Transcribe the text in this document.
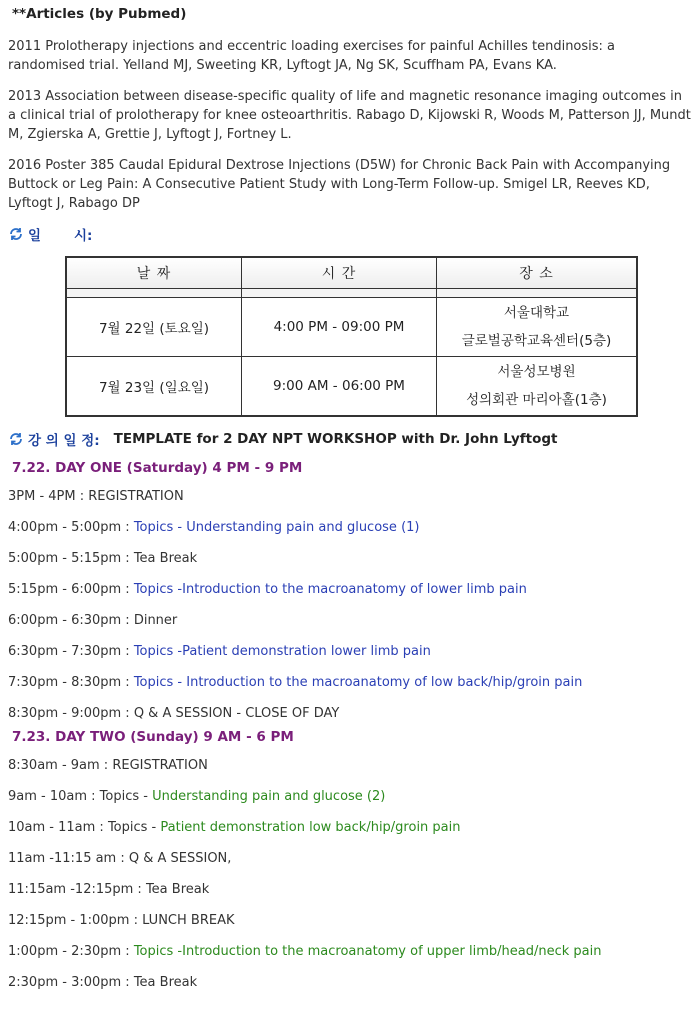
**Articles (by Pubmed)

2011 Prolotherapy injections and eccentric loading exercises for painful Achilles tendinosis: a randomised trial. Yelland MJ, Sweeting KR, Lyftogt JA, Ng SK, Scuffham PA, Evans KA.

2013 Association between disease-specific quality of life and magnetic resonance imaging outcomes in a clinical trial of prolotherapy for knee osteoarthritis. Rabago D, Kijowski R, Woods M, Patterson JJ, Mundt M, Zgierska A, Grettie J, Lyftogt J, Fortney L.

2016 Poster 385 Caudal Epidural Dextrose Injections (D5W) for Chronic Back Pain with Accompanying Buttock or Leg Pain: A Consecutive Patient Study with Long-Term Follow-up. Smigel LR, Reeves KD, Lyftogt J, Rabago DP

일       시:
날 짜	시 간	장 소

7월 22일 (토요일)	4:00 PM - 09:00 PM	서울대학교
글로벌공학교육센터(5층)

7월 23일 (일요일)	9:00 AM - 06:00 PM	서울성모병원
성의회관 마리아홀(1층)
강 의 일 정: TEMPLATE for 2 DAY NPT WORKSHOP with Dr. John Lyftogt
7.22. DAY ONE (Saturday) 4 PM - 9 PM

3PM - 4PM : REGISTRATION

4:00pm - 5:00pm : Topics - Understanding pain and glucose (1)

5:00pm - 5:15pm : Tea Break

5:15pm - 6:00pm : Topics -Introduction to the macroanatomy of lower limb pain

6:00pm - 6:30pm : Dinner

6:30pm - 7:30pm : Topics -Patient demonstration lower limb pain

7:30pm - 8:30pm : Topics - Introduction to the macroanatomy of low back/hip/groin pain

8:30pm - 9:00pm : Q & A SESSION - CLOSE OF DAY

7.23. DAY TWO (Sunday) 9 AM - 6 PM

8:30am - 9am : REGISTRATION

9am - 10am : Topics - Understanding pain and glucose (2)

10am - 11am : Topics - Patient demonstration low back/hip/groin pain

11am -11:15 am : Q & A SESSION,

11:15am -12:15pm : Tea Break

12:15pm - 1:00pm : LUNCH BREAK

1:00pm - 2:30pm : Topics -Introduction to the macroanatomy of upper limb/head/neck pain

2:30pm - 3:00pm : Tea Break
